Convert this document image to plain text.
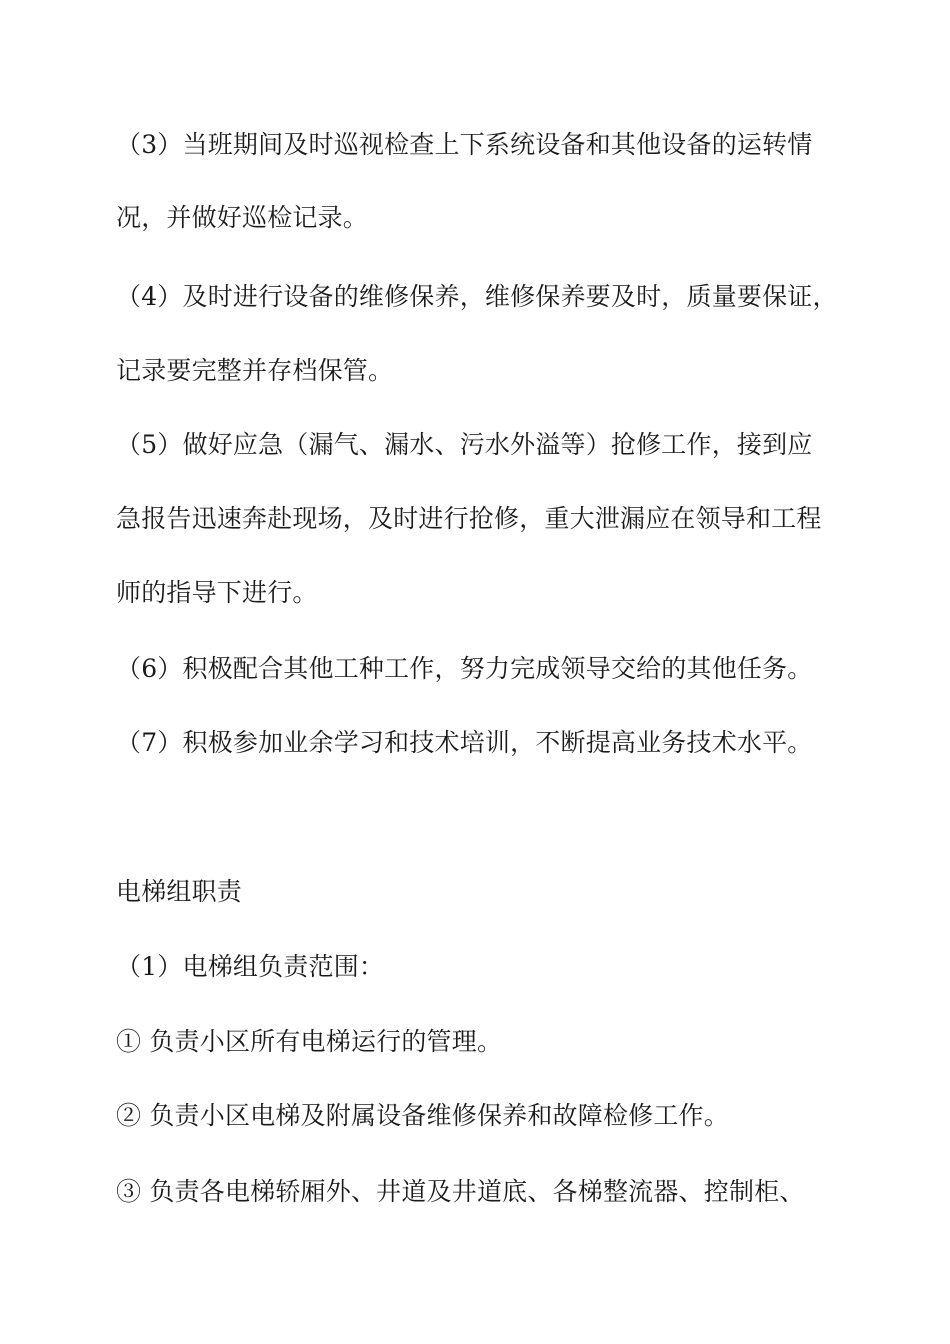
（3）当班期间及时巡视检查上下系统设备和其他设备的运转情
况，并做好巡检记录。
（4）及时进行设备的维修保养，维修保养要及时，质量要保证，
记录要完整并存档保管。
（5）做好应急（漏气、漏水、污水外溢等）抢修工作，接到应
急报告迅速奔赴现场，及时进行抢修，重大泄漏应在领导和工程
师的指导下进行。
（6）积极配合其他工种工作，努力完成领导交给的其他任务。
（7）积极参加业余学习和技术培训，不断提高业务技术水平。
电梯组职责
（1）电梯组负责范围：
① 负责小区所有电梯运行的管理。
② 负责小区电梯及附属设备维修保养和故障检修工作。
③ 负责各电梯轿厢外、井道及井道底、各梯整流器、控制柜、
